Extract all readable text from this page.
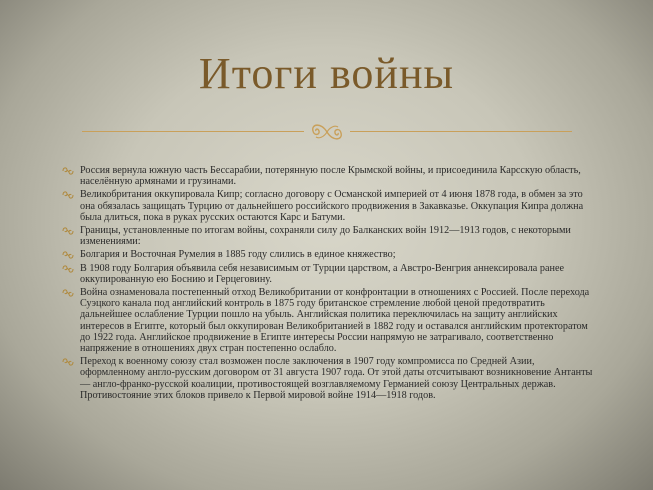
Итоги войны
Россия вернула южную часть Бессарабии, потерянную после Крымской войны, и присоединила Карсскую область, населённую армянами и грузинами.
Великобритания оккупировала Кипр; согласно договору с Османской империей от 4 июня 1878 года, в обмен за это она обязалась защищать Турцию от дальнейшего российского продвижения в Закавказье. Оккупация Кипра должна была длиться, пока в руках русских остаются Карс и Батуми.
Границы, установленные по итогам войны, сохраняли силу до Балканских войн 1912—1913 годов, с некоторыми изменениями:
Болгария и Восточная Румелия в 1885 году слились в единое княжество;
В 1908 году Болгария объявила себя независимым от Турции царством, а Австро-Венгрия аннексировала ранее оккупированную ею Боснию и Герцеговину.
Война ознаменовала постепенный отход Великобритании от конфронтации в отношениях с Россией. После перехода Суэцкого канала под английский контроль в 1875 году британское стремление любой ценой предотвратить дальнейшее ослабление Турции пошло на убыль. Английская политика переключилась на защиту английских интересов в Египте, который был оккупирован Великобританией в 1882 году и оставался английским протекторатом до 1922 года. Английское продвижение в Египте интересы России напрямую не затрагивало, соответственно напряжение в отношениях двух стран постепенно ослабло.
Переход к военному союзу стал возможен после заключения в 1907 году компромисса по Средней Азии, оформленному англо-русским договором от 31 августа 1907 года. От этой даты отсчитывают возникновение Антанты — англо-франко-русской коалиции, противостоящей возглавляемому Германией союзу Центральных держав. Противостояние этих блоков привело к Первой мировой войне 1914—1918 годов.
